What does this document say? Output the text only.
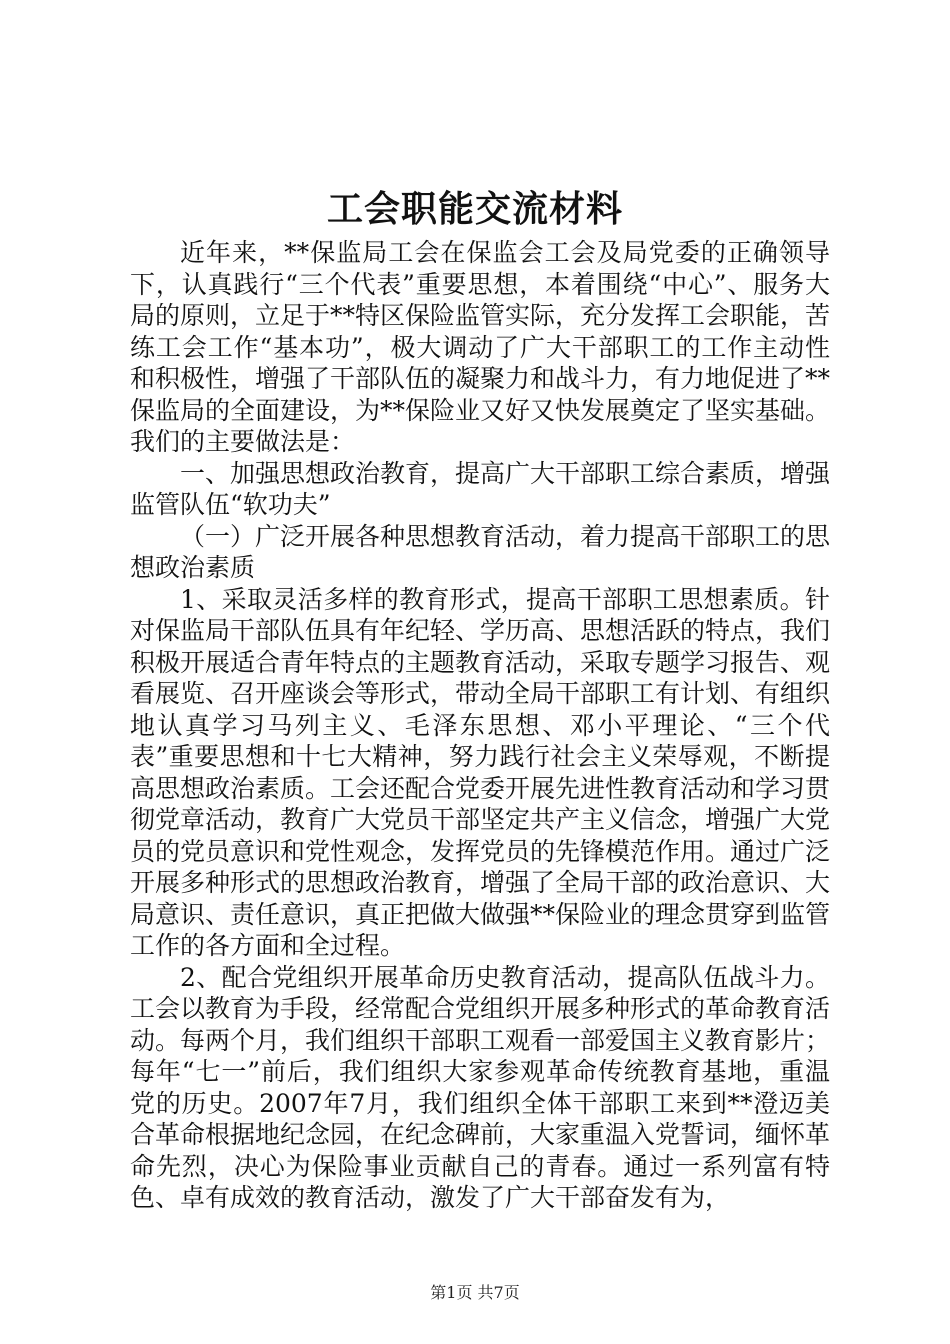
工会职能交流材料

近年来，**保监局工会在保监会工会及局党委的正确领导下，认真践行“三个代表”重要思想，本着围绕“中心”、服务大局的原则，立足于**特区保险监管实际，充分发挥工会职能，苦练工会工作“基本功”，极大调动了广大干部职工的工作主动性和积极性，增强了干部队伍的凝聚力和战斗力，有力地促进了**保监局的全面建设，为**保险业又好又快发展奠定了坚实基础。我们的主要做法是：

一、加强思想政治教育，提高广大干部职工综合素质，增强监管队伍“软功夫”

（一）广泛开展各种思想教育活动，着力提高干部职工的思想政治素质

1、采取灵活多样的教育形式，提高干部职工思想素质。针对保监局干部队伍具有年纪轻、学历高、思想活跃的特点，我们积极开展适合青年特点的主题教育活动，采取专题学习报告、观看展览、召开座谈会等形式，带动全局干部职工有计划、有组织地认真学习马列主义、毛泽东思想、邓小平理论、“三个代表”重要思想和十七大精神，努力践行社会主义荣辱观，不断提高思想政治素质。工会还配合党委开展先进性教育活动和学习贯彻党章活动，教育广大党员干部坚定共产主义信念，增强广大党员的党员意识和党性观念，发挥党员的先锋模范作用。通过广泛开展多种形式的思想政治教育，增强了全局干部的政治意识、大局意识、责任意识，真正把做大做强**保险业的理念贯穿到监管工作的各方面和全过程。

2、配合党组织开展革命历史教育活动，提高队伍战斗力。工会以教育为手段，经常配合党组织开展多种形式的革命教育活动。每两个月，我们组织干部职工观看一部爱国主义教育影片；每年“七一”前后，我们组织大家参观革命传统教育基地，重温党的历史。2007年7月，我们组织全体干部职工来到**澄迈美合革命根据地纪念园，在纪念碑前，大家重温入党誓词，缅怀革命先烈，决心为保险事业贡献自己的青春。通过一系列富有特色、卓有成效的教育活动，激发了广大干部奋发有为，

第1页 共7页
